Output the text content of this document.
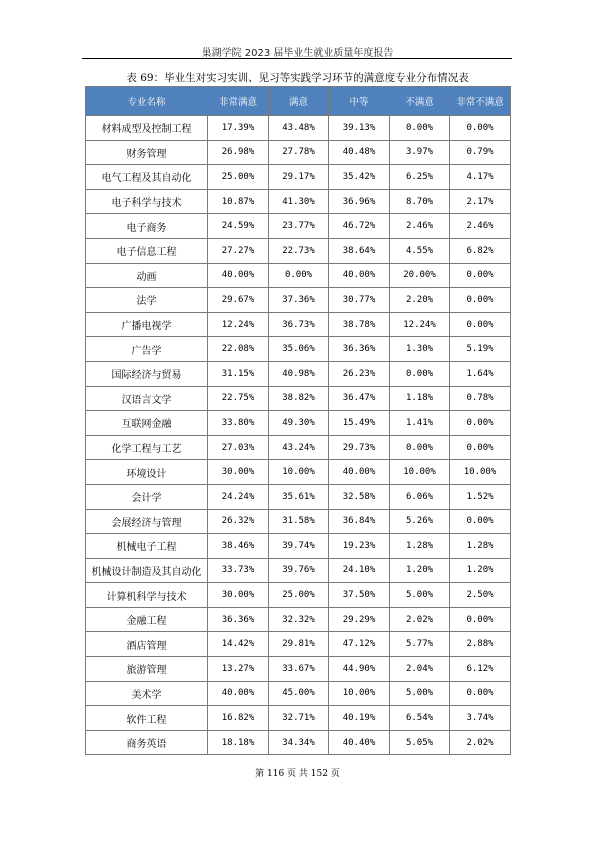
巢湖学院 2023 届毕业生就业质量年度报告
表 69：毕业生对实习实训、见习等实践学习环节的满意度专业分布情况表
专业名称	非常满意	满意	中等	不满意	非常不满意
材料成型及控制工程	17.39%	43.48%	39.13%	0.00%	0.00%
财务管理	26.98%	27.78%	40.48%	3.97%	0.79%
电气工程及其自动化	25.00%	29.17%	35.42%	6.25%	4.17%
电子科学与技术	10.87%	41.30%	36.96%	8.70%	2.17%
电子商务	24.59%	23.77%	46.72%	2.46%	2.46%
电子信息工程	27.27%	22.73%	38.64%	4.55%	6.82%
动画	40.00%	0.00%	40.00%	20.00%	0.00%
法学	29.67%	37.36%	30.77%	2.20%	0.00%
广播电视学	12.24%	36.73%	38.78%	12.24%	0.00%
广告学	22.08%	35.06%	36.36%	1.30%	5.19%
国际经济与贸易	31.15%	40.98%	26.23%	0.00%	1.64%
汉语言文学	22.75%	38.82%	36.47%	1.18%	0.78%
互联网金融	33.80%	49.30%	15.49%	1.41%	0.00%
化学工程与工艺	27.03%	43.24%	29.73%	0.00%	0.00%
环境设计	30.00%	10.00%	40.00%	10.00%	10.00%
会计学	24.24%	35.61%	32.58%	6.06%	1.52%
会展经济与管理	26.32%	31.58%	36.84%	5.26%	0.00%
机械电子工程	38.46%	39.74%	19.23%	1.28%	1.28%
机械设计制造及其自动化	33.73%	39.76%	24.10%	1.20%	1.20%
计算机科学与技术	30.00%	25.00%	37.50%	5.00%	2.50%
金融工程	36.36%	32.32%	29.29%	2.02%	0.00%
酒店管理	14.42%	29.81%	47.12%	5.77%	2.88%
旅游管理	13.27%	33.67%	44.90%	2.04%	6.12%
美术学	40.00%	45.00%	10.00%	5.00%	0.00%
软件工程	16.82%	32.71%	40.19%	6.54%	3.74%
商务英语	18.18%	34.34%	40.40%	5.05%	2.02%
第 116 页 共 152 页
